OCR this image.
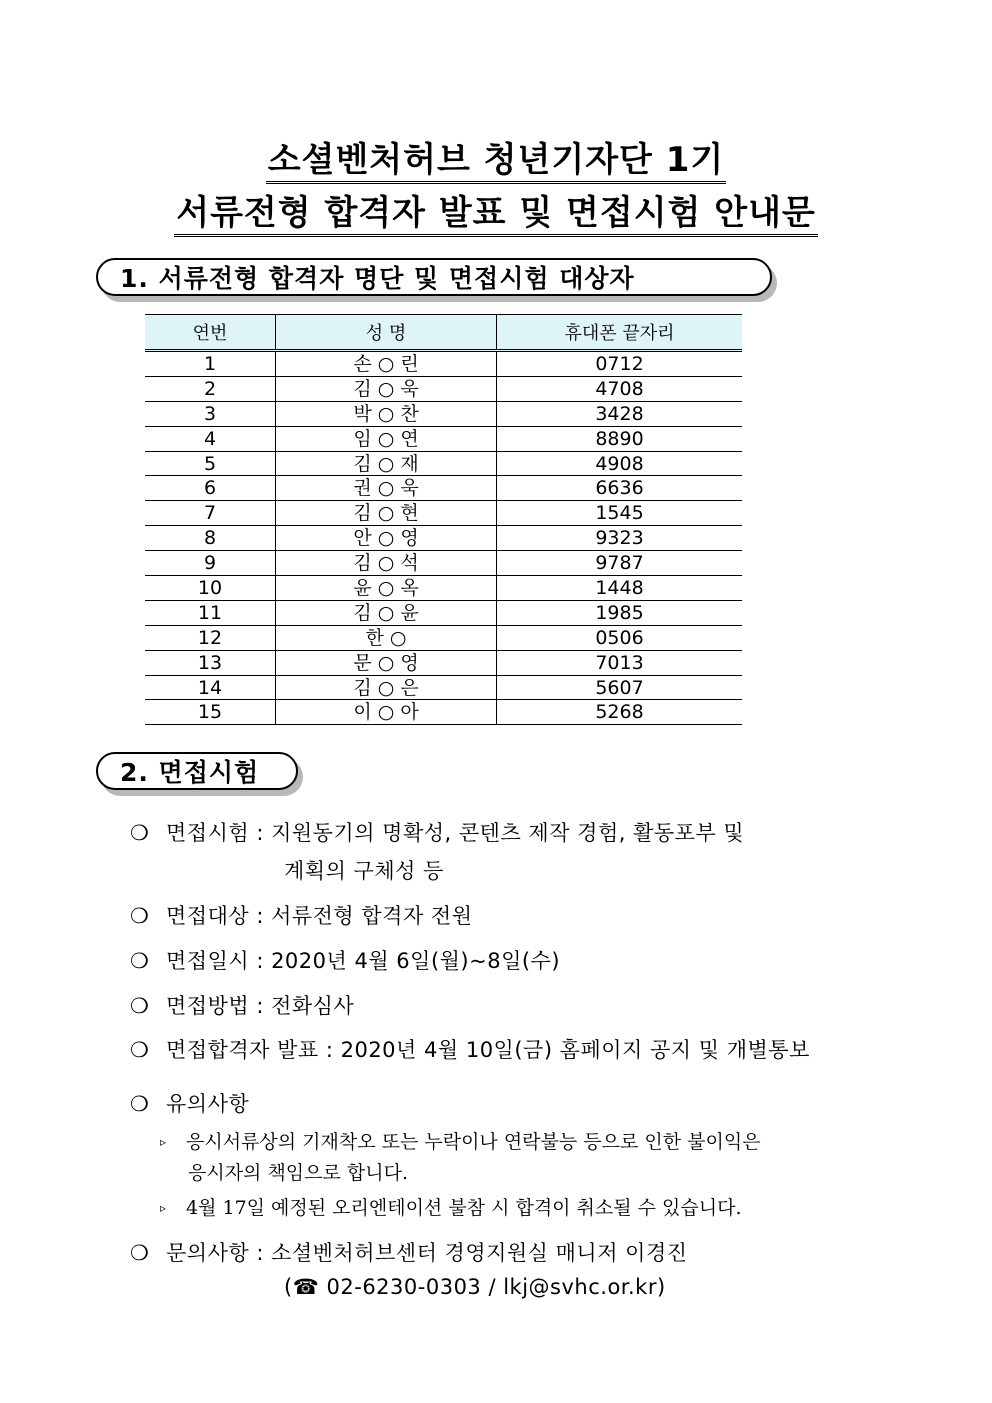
소셜벤처허브 청년기자단 1기
서류전형 합격자 발표 및 면접시험 안내문
1. 서류전형 합격자 명단 및 면접시험 대상자
연번	성 명	휴대폰 끝자리
1	손 ○ 린	0712
2	김 ○ 욱	4708
3	박 ○ 찬	3428
4	임 ○ 연	8890
5	김 ○ 재	4908
6	권 ○ 욱	6636
7	김 ○ 현	1545
8	안 ○ 영	9323
9	김 ○ 석	9787
10	윤 ○ 옥	1448
11	김 ○ 윤	1985
12	한 ○	0506
13	문 ○ 영	7013
14	김 ○ 은	5607
15	이 ○ 아	5268
2. 면접시험
❍ 면접시험 : 지원동기의 명확성, 콘텐츠 제작 경험, 활동포부 및
계획의 구체성 등
❍ 면접대상 : 서류전형 합격자 전원
❍ 면접일시 : 2020년 4월 6일(월)~8일(수)
❍ 면접방법 : 전화심사
❍ 면접합격자 발표 : 2020년 4월 10일(금) 홈페이지 공지 및 개별통보
❍ 유의사항
▹ 응시서류상의 기재착오 또는 누락이나 연락불능 등으로 인한 불이익은
응시자의 책임으로 합니다.
▹ 4월 17일 예정된 오리엔테이션 불참 시 합격이 취소될 수 있습니다.
❍ 문의사항 : 소셜벤처허브센터 경영지원실 매니저 이경진
(☎ 02-6230-0303 / lkj@svhc.or.kr)
